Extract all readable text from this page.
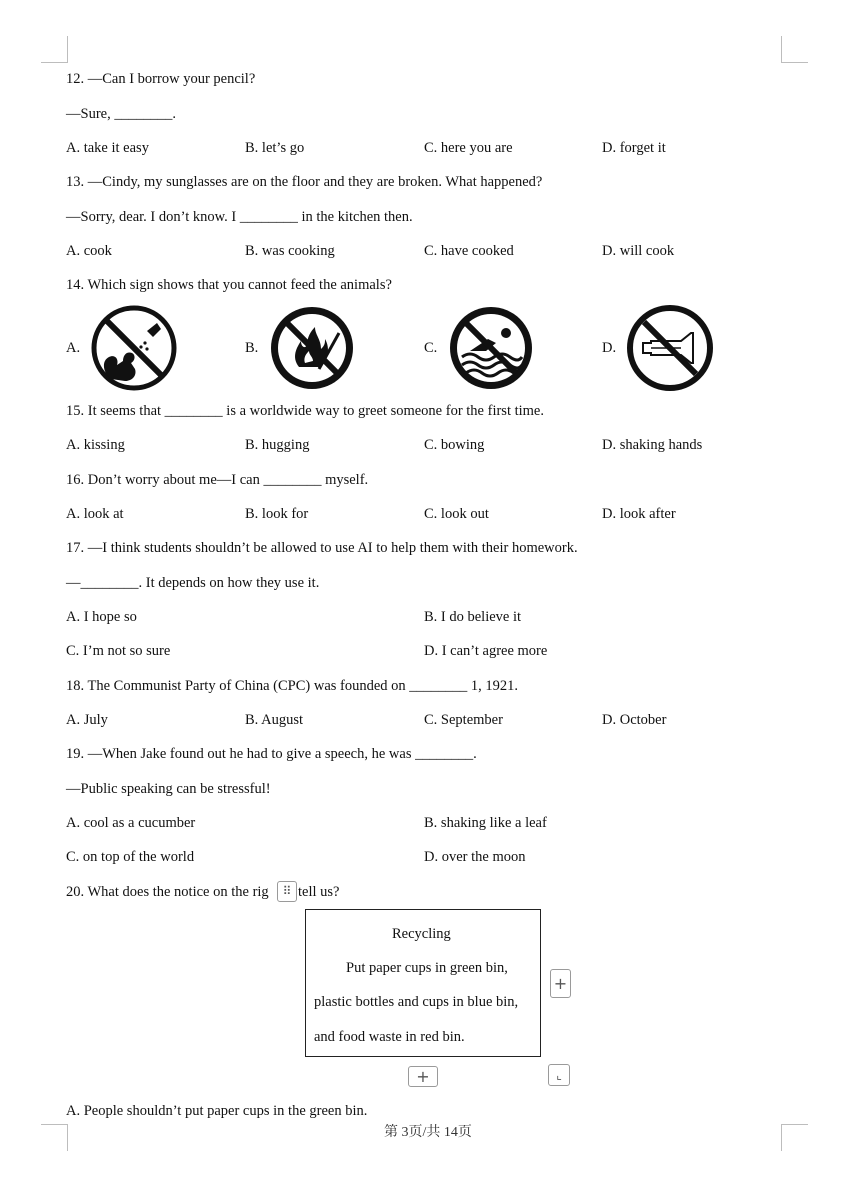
12. —Can I borrow your pencil?
—Sure, ________.
A. take it easy	B. let’s go	C. here you are	D. forget it
13. —Cindy, my sunglasses are on the floor and they are broken. What happened?
—Sorry, dear. I don’t know. I ________ in the kitchen then.
A. cook	B. was cooking	C. have cooked	D. will cook
14. Which sign shows that you cannot feed the animals?
A.	B.	C.	D.
15. It seems that ________ is a worldwide way to greet someone for the first time.
A. kissing	B. hugging	C. bowing	D. shaking hands
16. Don’t worry about me—I can ________ myself.
A. look at	B. look for	C. look out	D. look after
17. —I think students shouldn’t be allowed to use AI to help them with their homework.
—________. It depends on how they use it.
A. I hope so	B. I do believe it
C. I’m not so sure	D. I can’t agree more
18. The Communist Party of China (CPC) was founded on ________ 1, 1921.
A. July	B. August	C. September	D. October
19. —When Jake found out he had to give a speech, he was ________.
—Public speaking can be stressful!
A. cool as a cucumber	B. shaking like a leaf
C. on top of the world	D. over the moon
20. What does the notice on the rig	⠿ tell us?
Recycling
Put paper cups in green bin,
plastic bottles and cups in blue bin,
and food waste in red bin.
+
+	⌞
A. People shouldn’t put paper cups in the green bin.
第 3页/共 14页
